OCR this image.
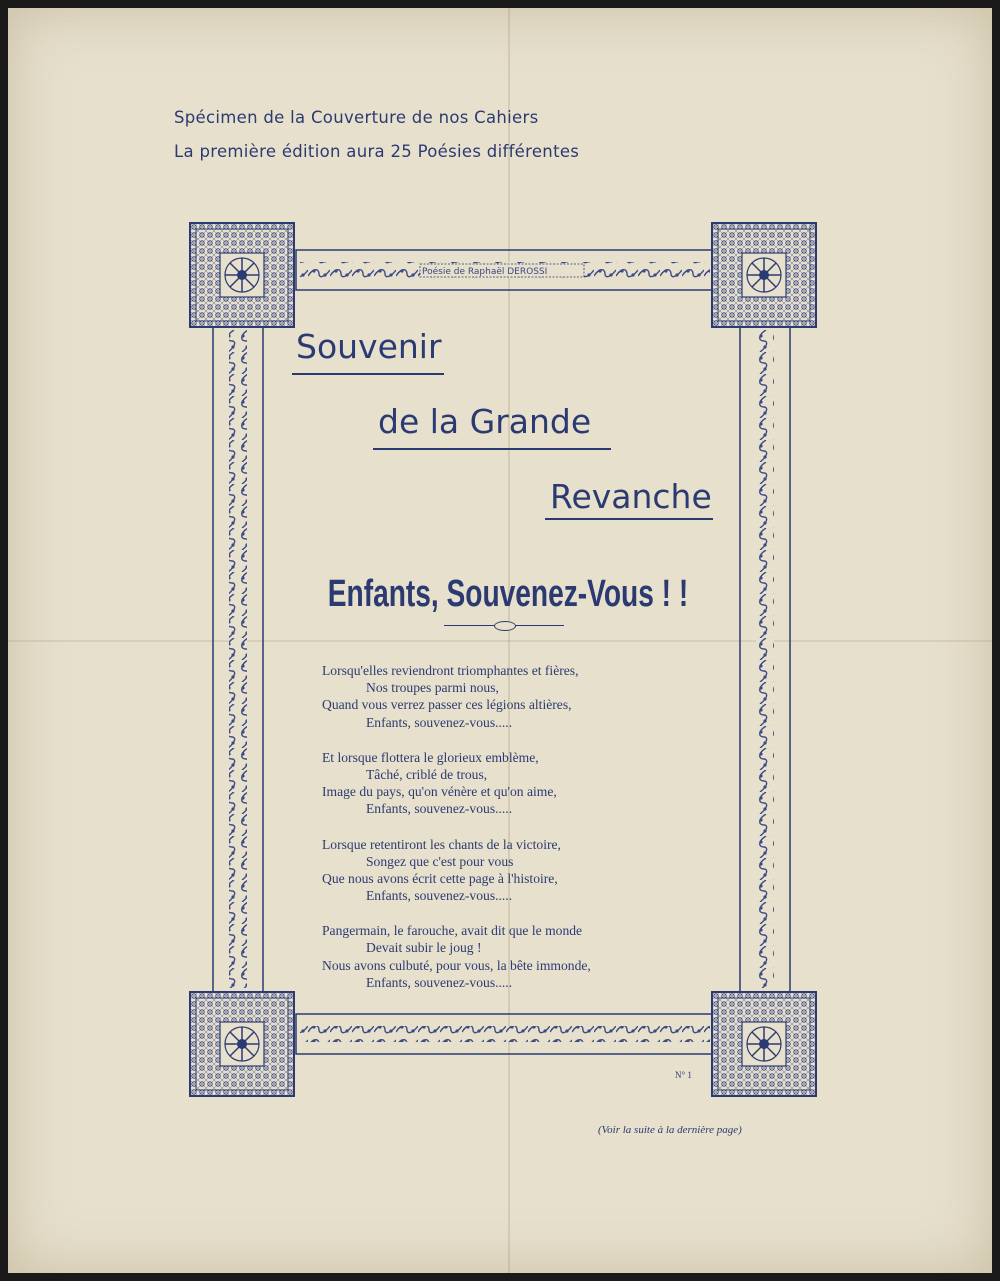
Spécimen de la Couverture de nos Cahiers
La première édition aura 25 Poésies différentes
Poésie de Raphaël DEROSSI
Souvenir
de la Grande
Revanche
Enfants, Souvenez-Vous ! !
Lorsqu'elles reviendront triomphantes et fières,
Nos troupes parmi nous,
Quand vous verrez passer ces légions altières,
Enfants, souvenez-vous.....
Et lorsque flottera le glorieux emblème,
Tâché, criblé de trous,
Image du pays, qu'on vénère et qu'on aime,
Enfants, souvenez-vous.....
Lorsque retentiront les chants de la victoire,
Songez que c'est pour vous
Que nous avons écrit cette page à l'histoire,
Enfants, souvenez-vous.....
Pangermain, le farouche, avait dit que le monde
Devait subir le joug !
Nous avons culbuté, pour vous, la bête immonde,
Enfants, souvenez-vous.....
N° 1
(Voir la suite à la dernière page)
